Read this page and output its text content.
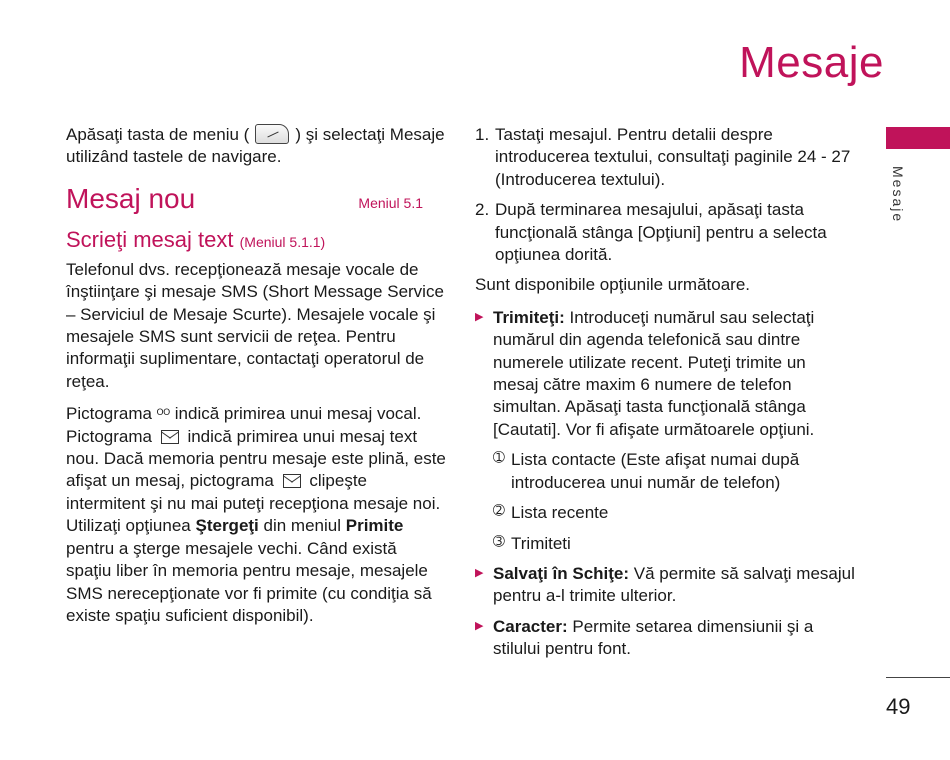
Mesaje
Mesaje
49

Apăsaţi tasta de meniu (	) şi selectaţi Mesaje utilizând tastele de navigare.

Mesaj nou	Meniul 5.1
Scrieţi mesaj text (Meniul 5.1.1)

Telefonul dvs. recepţionează mesaje vocale de înştiinţare şi mesaje SMS (Short Message Service – Serviciul de Mesaje Scurte). Mesajele vocale şi mesajele SMS sunt servicii de reţea. Pentru informaţii suplimentare, contactaţi operatorul de reţea.

Pictograma ᴼᴼ indică primirea unui mesaj vocal. Pictograma indică primirea unui mesaj text nou. Dacă memoria pentru mesaje este plină, este afişat un mesaj, pictograma clipeşte intermitent şi nu mai puteţi recepţiona mesaje noi. Utilizaţi opţiunea Ştergeţi din meniul Primite pentru a şterge mesajele vechi. Când există spaţiu liber în memoria pentru mesaje, mesajele SMS nerecepţionate vor fi primite (cu condiţia să existe spaţiu suficient disponibil).

1. Tastaţi mesajul. Pentru detalii despre introducerea textului, consultaţi paginile 24 - 27 (Introducerea textului).
2. După terminarea mesajului, apăsaţi tasta funcţională stânga [Opţiuni] pentru a selecta opţiunea dorită.

Sunt disponibile opţiunile următoare.

▶ Trimiteţi: Introduceţi numărul sau selectaţi numărul din agenda telefonică sau dintre numerele utilizate recent. Puteţi trimite un mesaj către maxim 6 numere de telefon simultan. Apăsaţi tasta funcţională stânga [Cautati]. Vor fi afişate următoarele opţiuni.

➀ Lista contacte (Este afişat numai după introducerea unui număr de telefon)

➁ Lista recente

➂ Trimiteti

▶ Salvaţi în Schiţe: Vă permite să salvaţi mesajul pentru a-l trimite ulterior.

▶ Caracter: Permite setarea dimensiunii şi a stilului pentru font.
